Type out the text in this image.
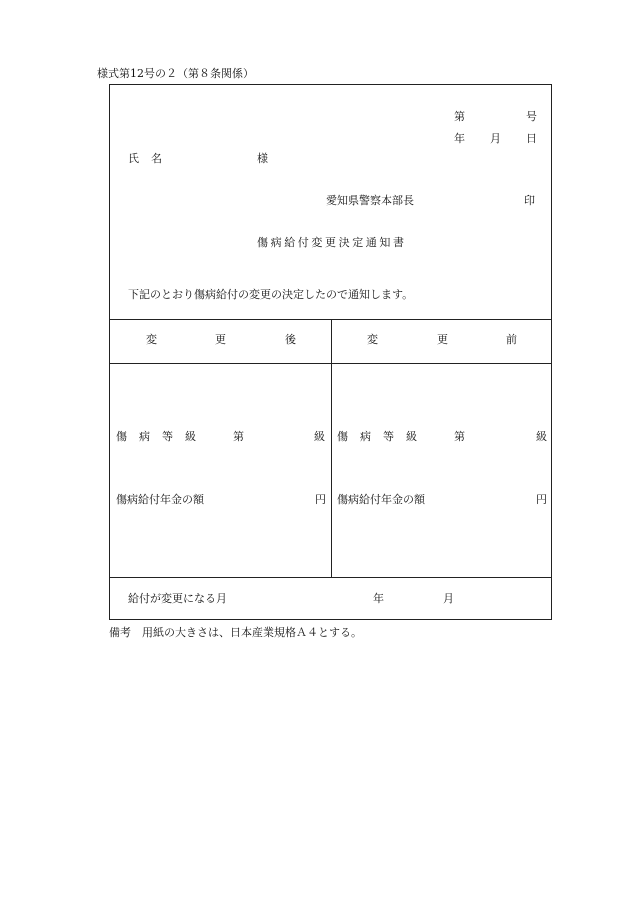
様式第12号の２（第８条関係）
第	号
年 月 日
氏 名	様
愛知県警察本部長	印
傷病給付変更決定通知書
下記のとおり傷病給付の変更の決定したので通知します。
変	更	後	変	更	前
傷 病 等 級	第	級 傷 病 等 級	第	級
傷病給付年金の額	円 傷病給付年金の額	円
給付が変更になる月	年	月
備考　用紙の大きさは、日本産業規格Ａ４とする。
